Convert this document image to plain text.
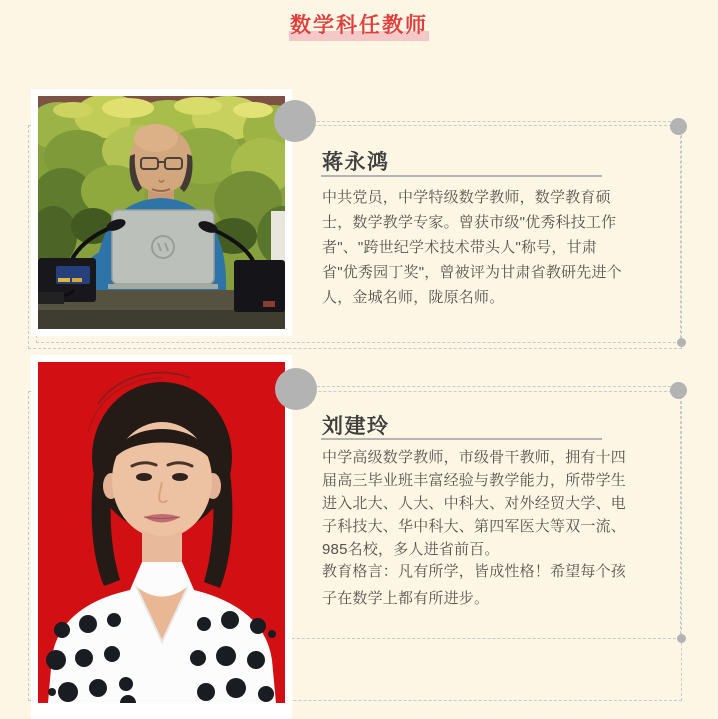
数学科任教师
蒋永鸿

中共党员，中学特级数学教师，数学教育硕士，数学教学专家。曾获市级"优秀科技工作者"、"跨世纪学术技术带头人"称号，甘肃省"优秀园丁奖"，曾被评为甘肃省教研先进个人，金城名师，陇原名师。

刘建玲

中学高级数学教师，市级骨干教师，拥有十四届高三毕业班丰富经验与教学能力，所带学生进入北大、人大、中科大、对外经贸大学、电子科技大、华中科大、第四军医大等双一流、985名校，多人进省前百。

教育格言：凡有所学，皆成性格！希望每个孩子在数学上都有所进步。
